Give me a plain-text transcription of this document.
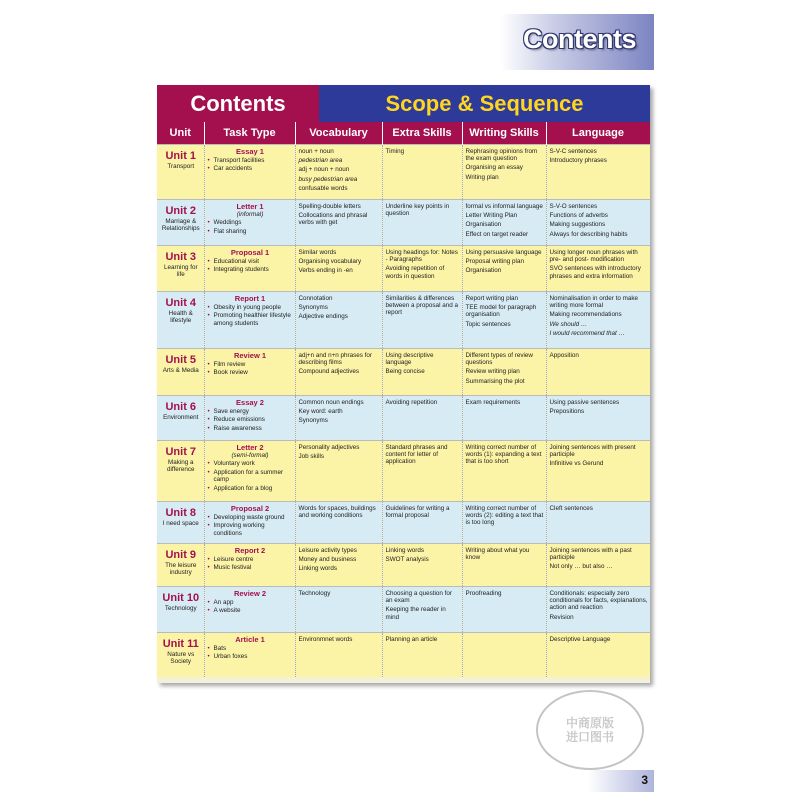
Contents
Contents	Scope & Sequence
Unit	Task Type	Vocabulary	Extra Skills	Writing Skills	Language

Unit 1
Transport	Essay 1
• Transport facilities
• Car accidents	noun + noun
pedestrian area
adj + noun + noun
busy pedestrian area
confusable words	Timing	Rephrasing opinions from the exam question
Organising an essay
Writing plan	S-V-C sentences
Introductory phrases

Unit 2
Marriage & Relationships	Letter 1
(informal)
• Weddings
• Flat sharing	Spelling-double letters
Collocations and phrasal verbs with get	Underline key points in question	formal vs informal language
Letter Writing Plan
Organisation
Effect on target reader	S-V-O sentences
Functions of adverbs
Making suggestions
Always for describing habits

Unit 3
Learning for life	Proposal 1
• Educational visit
• Integrating students	Similar words
Organising vocabulary
Verbs ending in -en	Using headings for: Notes - Paragraphs
Avoiding repetition of words in question	Using persuasive language
Proposal writing plan
Organisation	Using longer noun phrases with pre- and post- modification
SVO sentences with introductory phrases and extra information

Unit 4
Health & lifestyle	Report 1
• Obesity in young people
• Promoting healthier lifestyle among students	Connotation
Synonyms
Adjective endings	Similarities & differences between a proposal and a report	Report writing plan
TEE model for paragraph organisation
Topic sentences	Nominalisation in order to make writing more formal
Making recommendations
We should …
I would recommend that …

Unit 5
Arts & Media	Review 1
• Film review
• Book review	adj+n and n+n phrases for describing films
Compound adjectives	Using descriptive language
Being concise	Different types of review questions
Review writing plan
Summarising the plot	Apposition

Unit 6
Environment	Essay 2
• Save energy
• Reduce emissions
• Raise awareness	Common noun endings
Key word: earth
Synonyms	Avoiding repetition	Exam requirements	Using passive sentences
Prepositions

Unit 7
Making a difference	Letter 2
(semi-formal)
• Voluntary work
• Application for a summer camp
• Application for a blog	Personality adjectives
Job skills	Standard phrases and content for letter of application	Writing correct number of words (1): expanding a text that is too short	Joining sentences with present participle
Infinitive vs Gerund

Unit 8
I need space	Proposal 2
• Developing waste ground
• Improving working conditions	Words for spaces, buildings and working conditions	Guidelines for writing a formal proposal	Writing correct number of words (2): editing a text that is too long	Cleft sentences

Unit 9
The leisure industry	Report 2
• Leisure centre
• Music festival	Leisure activity types
Money and business
Linking words	Linking words
SWOT analysis	Writing about what you know	Joining sentences with a past participle
Not only … but also …

Unit 10
Technology	Review 2
• An app
• A website	Technology	Choosing a question for an exam
Keeping the reader in mind	Proofreading	Conditionals: especially zero conditionals for facts, explanations, action and reaction
Revision

Unit 11
Nature vs Society	Article 1
• Bats
• Urban foxes	Environmnet words	Planning an article		Descriptive Language
中商原版
进口图书
3
